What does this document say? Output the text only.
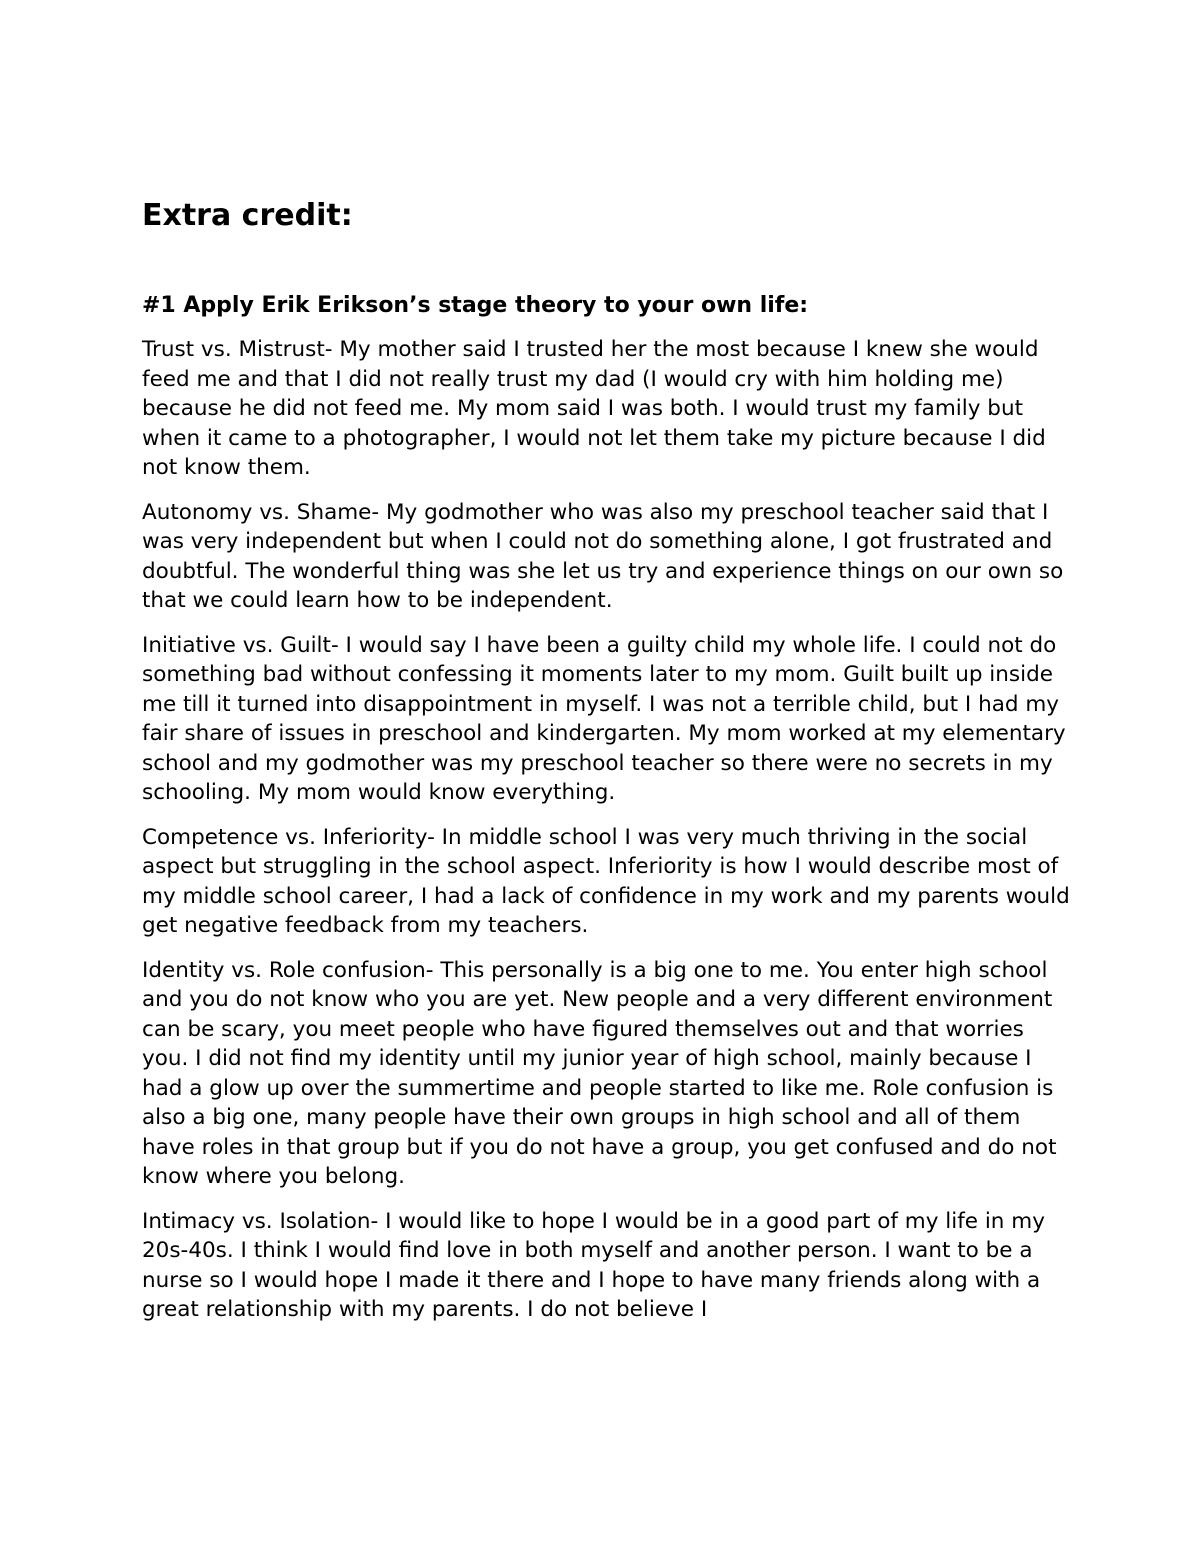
Extra credit:
#1 Apply Erik Erikson’s stage theory to your own life:

Trust vs. Mistrust- My mother said I trusted her the most because I knew she would feed me and that I did not really trust my dad (I would cry with him holding me) because he did not feed me. My mom said I was both. I would trust my family but when it came to a photographer, I would not let them take my picture because I did not know them.

Autonomy vs. Shame- My godmother who was also my preschool teacher said that I was very independent but when I could not do something alone, I got frustrated and doubtful. The wonderful thing was she let us try and experience things on our own so that we could learn how to be independent.

Initiative vs. Guilt- I would say I have been a guilty child my whole life. I could not do something bad without confessing it moments later to my mom. Guilt built up inside me till it turned into disappointment in myself. I was not a terrible child, but I had my fair share of issues in preschool and kindergarten. My mom worked at my elementary school and my godmother was my preschool teacher so there were no secrets in my schooling. My mom would know everything.

Competence vs. Inferiority- In middle school I was very much thriving in the social aspect but struggling in the school aspect. Inferiority is how I would describe most of my middle school career, I had a lack of confidence in my work and my parents would get negative feedback from my teachers.

Identity vs. Role confusion- This personally is a big one to me. You enter high school and you do not know who you are yet. New people and a very different environment can be scary, you meet people who have figured themselves out and that worries you. I did not find my identity until my junior year of high school, mainly because I had a glow up over the summertime and people started to like me. Role confusion is also a big one, many people have their own groups in high school and all of them have roles in that group but if you do not have a group, you get confused and do not know where you belong.

Intimacy vs. Isolation- I would like to hope I would be in a good part of my life in my 20s-40s. I think I would find love in both myself and another person. I want to be a nurse so I would hope I made it there and I hope to have many friends along with a great relationship with my parents. I do not believe I
